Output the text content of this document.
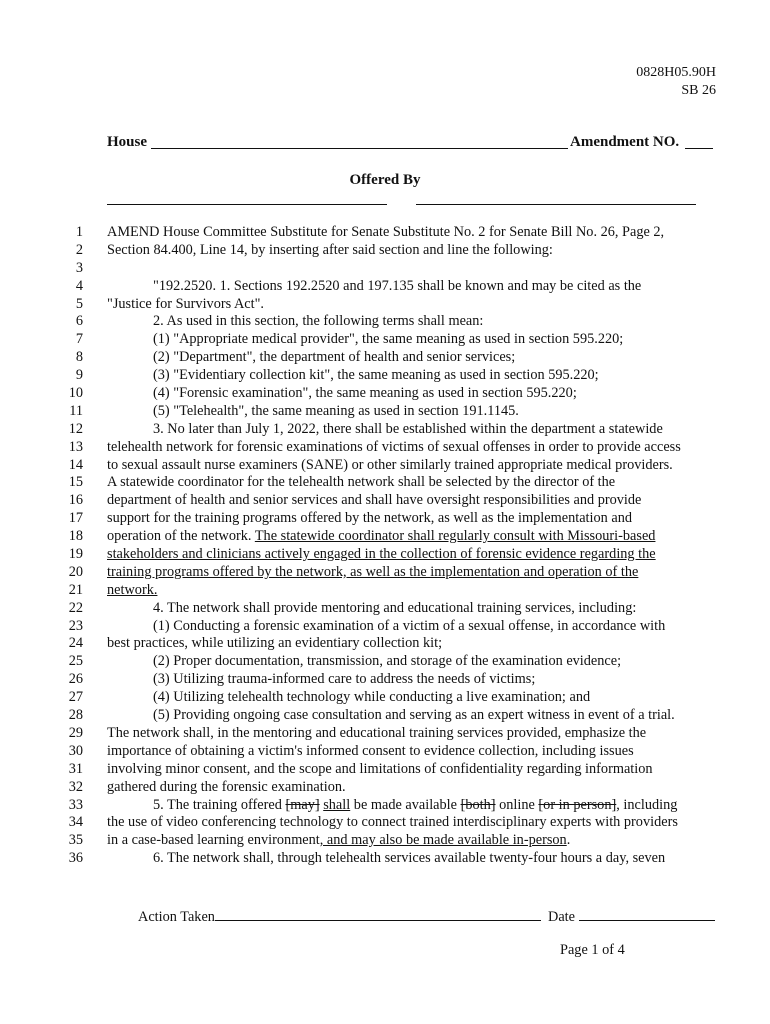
0828H05.90H
SB 26
House	Amendment NO.
Offered By
1 AMEND House Committee Substitute for Senate Substitute No. 2 for Senate Bill No. 26, Page 2,
2 Section 84.400, Line 14, by inserting after said section and line the following:
3
4	"192.2520. 1. Sections 192.2520 and 197.135 shall be known and may be cited as the
5 "Justice for Survivors Act".
6	2. As used in this section, the following terms shall mean:
7	(1) "Appropriate medical provider", the same meaning as used in section 595.220;
8	(2) "Department", the department of health and senior services;
9	(3) "Evidentiary collection kit", the same meaning as used in section 595.220;
10	(4) "Forensic examination", the same meaning as used in section 595.220;
11	(5) "Telehealth", the same meaning as used in section 191.1145.
12	3. No later than July 1, 2022, there shall be established within the department a statewide
13 telehealth network for forensic examinations of victims of sexual offenses in order to provide access
14 to sexual assault nurse examiners (SANE) or other similarly trained appropriate medical providers.
15 A statewide coordinator for the telehealth network shall be selected by the director of the
16 department of health and senior services and shall have oversight responsibilities and provide
17 support for the training programs offered by the network, as well as the implementation and
18 operation of the network. The statewide coordinator shall regularly consult with Missouri-based
19 stakeholders and clinicians actively engaged in the collection of forensic evidence regarding the
20 training programs offered by the network, as well as the implementation and operation of the
21 network.
22	4. The network shall provide mentoring and educational training services, including:
23	(1) Conducting a forensic examination of a victim of a sexual offense, in accordance with
24 best practices, while utilizing an evidentiary collection kit;
25	(2) Proper documentation, transmission, and storage of the examination evidence;
26	(3) Utilizing trauma-informed care to address the needs of victims;
27	(4) Utilizing telehealth technology while conducting a live examination; and
28	(5) Providing ongoing case consultation and serving as an expert witness in event of a trial.
29 The network shall, in the mentoring and educational training services provided, emphasize the
30 importance of obtaining a victim's informed consent to evidence collection, including issues
31 involving minor consent, and the scope and limitations of confidentiality regarding information
32 gathered during the forensic examination.
33	5. The training offered [may] shall be made available [both] online [or in person], including
34 the use of video conferencing technology to connect trained interdisciplinary experts with providers
35 in a case-based learning environment, and may also be made available in-person.
36	6. The network shall, through telehealth services available twenty-four hours a day, seven
Action Taken	Date
Page 1 of 4
